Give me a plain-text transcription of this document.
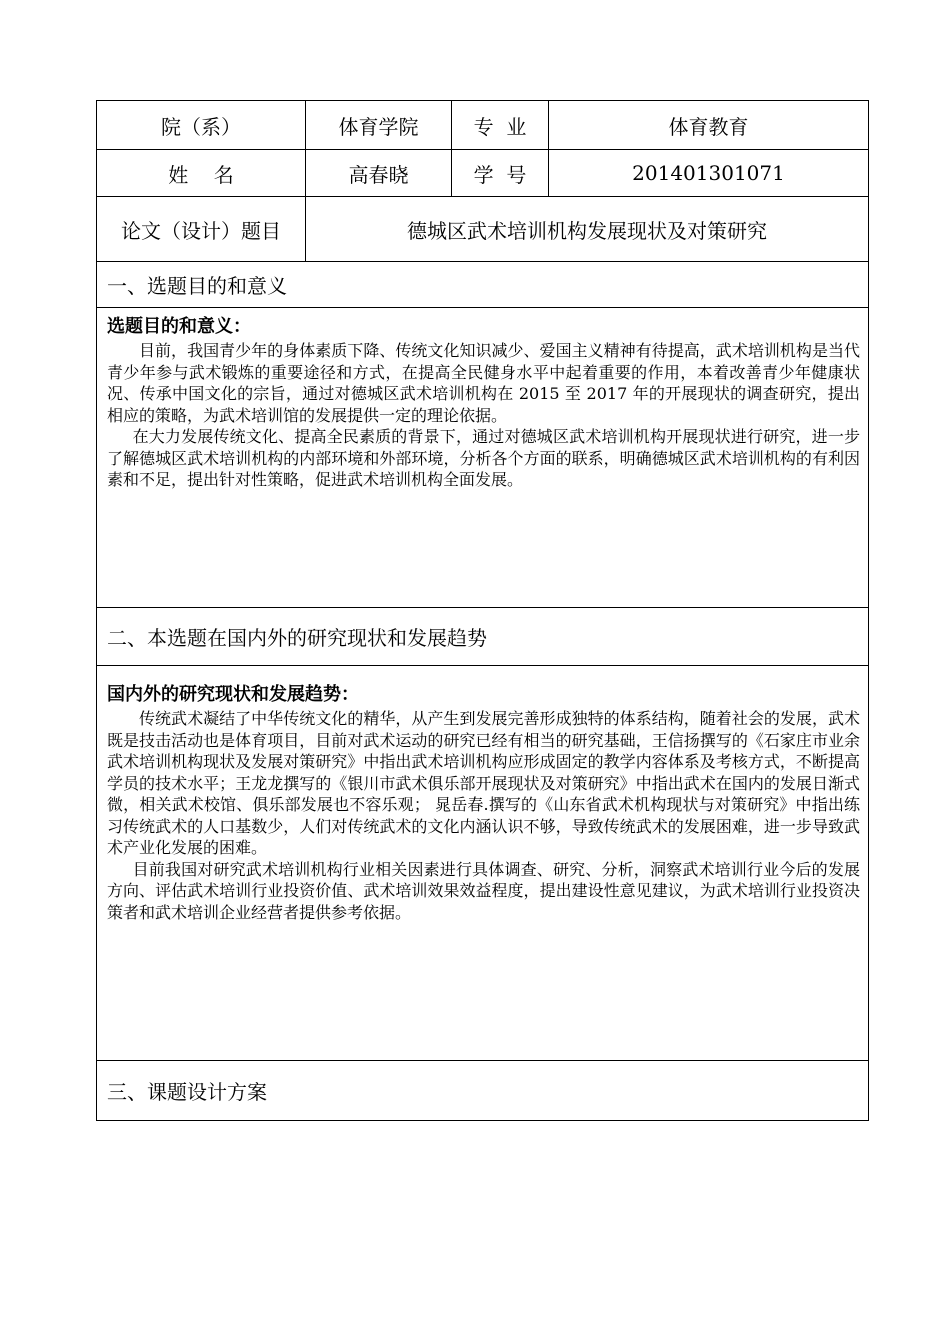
院（系）	体育学院	专  业	体育教育
姓    名	高春晓	学  号	201401301071
论文（设计）题目	德城区武术培训机构发展现状及对策研究		
一、选题目的和意义			

选题目的和意义：

目前，我国青少年的身体素质下降、传统文化知识减少、爱国主义精神有待提高，武术培训机构是当代青少年参与武术锻炼的重要途径和方式，在提高全民健身水平中起着重要的作用，本着改善青少年健康状况、传承中国文化的宗旨，通过对德城区武术培训机构在 2015 至 2017 年的开展现状的调查研究，提出相应的策略，为武术培训馆的发展提供一定的理论依据。

在大力发展传统文化、提高全民素质的背景下，通过对德城区武术培训机构开展现状进行研究，进一步了解德城区武术培训机构的内部环境和外部环境，分析各个方面的联系，明确德城区武术培训机构的有利因素和不足，提出针对性策略，促进武术培训机构全面发展。			

二、本选题在国内外的研究现状和发展趋势			

国内外的研究现状和发展趋势：

传统武术凝结了中华传统文化的精华，从产生到发展完善形成独特的体系结构，随着社会的发展，武术既是技击活动也是体育项目，目前对武术运动的研究已经有相当的研究基础，王信扬撰写的《石家庄市业余武术培训机构现状及发展对策研究》中指出武术培训机构应形成固定的教学内容体系及考核方式，不断提高学员的技术水平；王龙龙撰写的《银川市武术俱乐部开展现状及对策研究》中指出武术在国内的发展日渐式微，相关武术校馆、俱乐部发展也不容乐观； 晁岳春.撰写的《山东省武术机构现状与对策研究》中指出练习传统武术的人口基数少，人们对传统武术的文化内涵认识不够，导致传统武术的发展困难，进一步导致武术产业化发展的困难。

目前我国对研究武术培训机构行业相关因素进行具体调查、研究、分析，洞察武术培训行业今后的发展方向、评估武术培训行业投资价值、武术培训效果效益程度，提出建设性意见建议，为武术培训行业投资决策者和武术培训企业经营者提供参考依据。			

三、课题设计方案			
